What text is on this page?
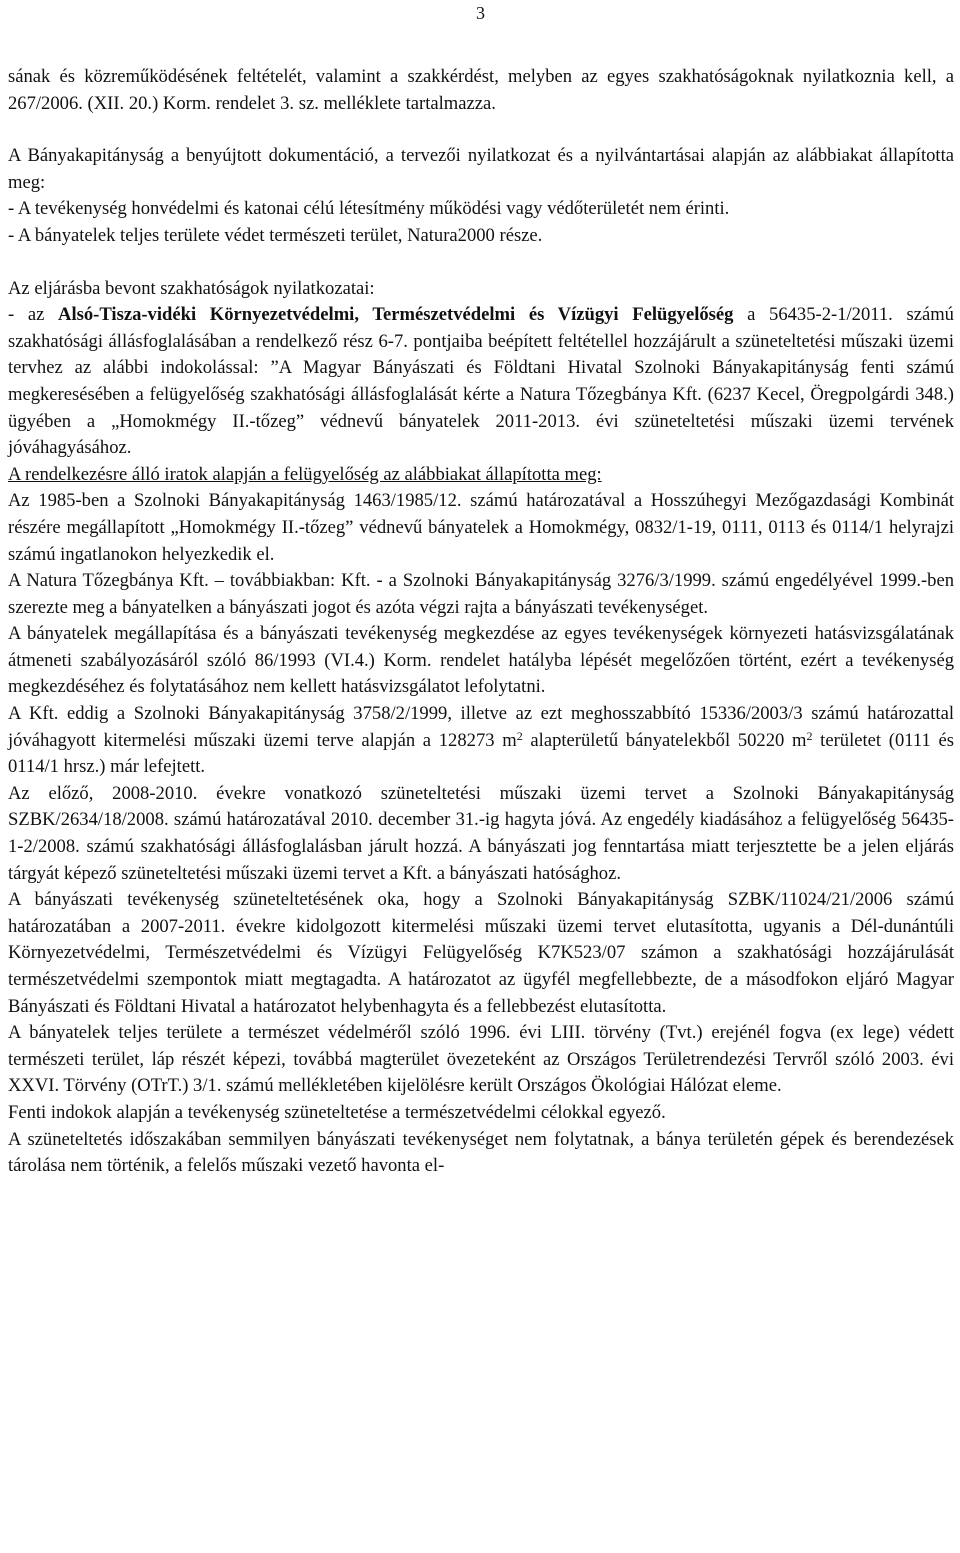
3

sának és közreműködésének feltételét, valamint a szakkérdést, melyben az egyes szakhatóságoknak nyilatkoznia kell, a 267/2006. (XII. 20.) Korm. rendelet 3. sz. melléklete tartalmazza.

A Bányakapitányság a benyújtott dokumentáció, a tervezői nyilatkozat és a nyilvántartásai alapján az alábbiakat állapította meg:

- A tevékenység honvédelmi és katonai célú létesítmény működési vagy védőterületét nem érinti.

- A bányatelek teljes területe védet természeti terület, Natura2000 része.

Az eljárásba bevont szakhatóságok nyilatkozatai:

- az Alsó-Tisza-vidéki Környezetvédelmi, Természetvédelmi és Vízügyi Felügyelőség a 56435-2-1/2011. számú szakhatósági állásfoglalásában a rendelkező rész 6-7. pontjaiba beépített feltétellel hozzájárult a szüneteltetési műszaki üzemi tervhez az alábbi indokolással: ”A Magyar Bányászati és Földtani Hivatal Szolnoki Bányakapitányság fenti számú megkeresésében a felügyelőség szakhatósági állásfoglalását kérte a Natura Tőzegbánya Kft. (6237 Kecel, Öregpolgárdi 348.) ügyében a „Homokmégy II.-tőzeg” védnevű bányatelek 2011-2013. évi szüneteltetési műszaki üzemi tervének jóváhagyásához.

A rendelkezésre álló iratok alapján a felügyelőség az alábbiakat állapította meg:

Az 1985-ben a Szolnoki Bányakapitányság 1463/1985/12. számú határozatával a Hosszúhegyi Mezőgazdasági Kombinát részére megállapított „Homokmégy II.-tőzeg” védnevű bányatelek a Homokmégy, 0832/1-19, 0111, 0113 és 0114/1 helyrajzi számú ingatlanokon helyezkedik el.

A Natura Tőzegbánya Kft. – továbbiakban: Kft. - a Szolnoki Bányakapitányság 3276/3/1999. számú engedélyével 1999.-ben szerezte meg a bányatelken a bányászati jogot és azóta végzi rajta a bányászati tevékenységet.

A bányatelek megállapítása és a bányászati tevékenység megkezdése az egyes tevékenységek környezeti hatásvizsgálatának átmeneti szabályozásáról szóló 86/1993 (VI.4.) Korm. rendelet hatályba lépését megelőzően történt, ezért a tevékenység megkezdéséhez és folytatásához nem kellett hatásvizsgálatot lefolytatni.

A Kft. eddig a Szolnoki Bányakapitányság 3758/2/1999, illetve az ezt meghosszabbító 15336/2003/3 számú határozattal jóváhagyott kitermelési műszaki üzemi terve alapján a 128273 $m^2$ alapterületű bányatelekből 50220 $m^2$ területet (0111 és 0114/1 hrsz.) már lefejtett.

Az előző, 2008-2010. évekre vonatkozó szüneteltetési műszaki üzemi tervet a Szolnoki Bányakapitányság SZBK/2634/18/2008. számú határozatával 2010. december 31.-ig hagyta jóvá. Az engedély kiadásához a felügyelőség 56435-1-2/2008. számú szakhatósági állásfoglalásban járult hozzá. A bányászati jog fenntartása miatt terjesztette be a jelen eljárás tárgyát képező szüneteltetési műszaki üzemi tervet a Kft. a bányászati hatósághoz.

A bányászati tevékenység szüneteltetésének oka, hogy a Szolnoki Bányakapitányság SZBK/11024/21/2006 számú határozatában a 2007-2011. évekre kidolgozott kitermelési műszaki üzemi tervet elutasította, ugyanis a Dél-dunántúli Környezetvédelmi, Természetvédelmi és Vízügyi Felügyelőség K7K523/07 számon a szakhatósági hozzájárulását természetvédelmi szempontok miatt megtagadta. A határozatot az ügyfél megfellebbezte, de a másodfokon eljáró Magyar Bányászati és Földtani Hivatal a határozatot helybenhagyta és a fellebbezést elutasította.

A bányatelek teljes területe a természet védelméről szóló 1996. évi LIII. törvény (Tvt.) erejénél fogva (ex lege) védett természeti terület, láp részét képezi, továbbá magterület övezeteként az Országos Területrendezési Tervről szóló 2003. évi XXVI. Törvény (OTrT.) 3/1. számú mellékletében kijelölésre került Országos Ökológiai Hálózat eleme.

Fenti indokok alapján a tevékenység szüneteltetése a természetvédelmi célokkal egyező.

A szüneteltetés időszakában semmilyen bányászati tevékenységet nem folytatnak, a bánya területén gépek és berendezések tárolása nem történik, a felelős műszaki vezető havonta el-
